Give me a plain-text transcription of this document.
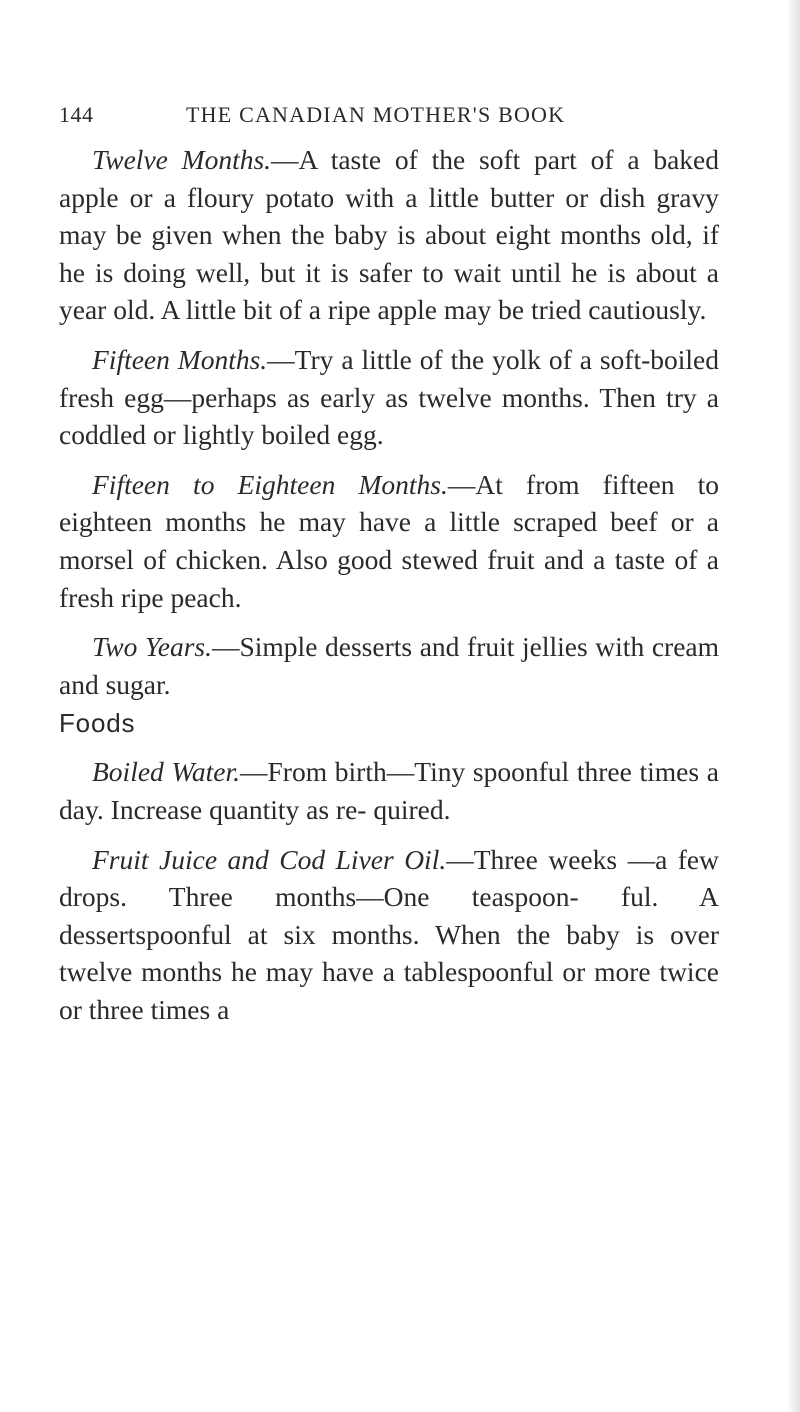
144	THE CANADIAN MOTHER'S BOOK

Twelve Months.—A taste of the soft part of a baked apple or a floury potato with a little butter or dish gravy may be given when the baby is about eight months old, if he is doing well, but it is safer to wait until he is about a year old. A little bit of a ripe apple may be tried cautiously.

Fifteen Months.—Try a little of the yolk of a soft-boiled fresh egg—perhaps as early as twelve months. Then try a coddled or lightly boiled egg.

Fifteen to Eighteen Months.—At from fifteen to eighteen months he may have a little scraped beef or a morsel of chicken. Also good stewed fruit and a taste of a fresh ripe peach.

Two Years.—Simple desserts and fruit jellies with cream and sugar.

Foods

Boiled Water.—From birth—Tiny spoonful three times a day. Increase quantity as re- quired.

Fruit Juice and Cod Liver Oil.—Three weeks —a few drops. Three months—One teaspoon- ful. A dessertspoonful at six months. When the baby is over twelve months he may have a tablespoonful or more twice or three times a
